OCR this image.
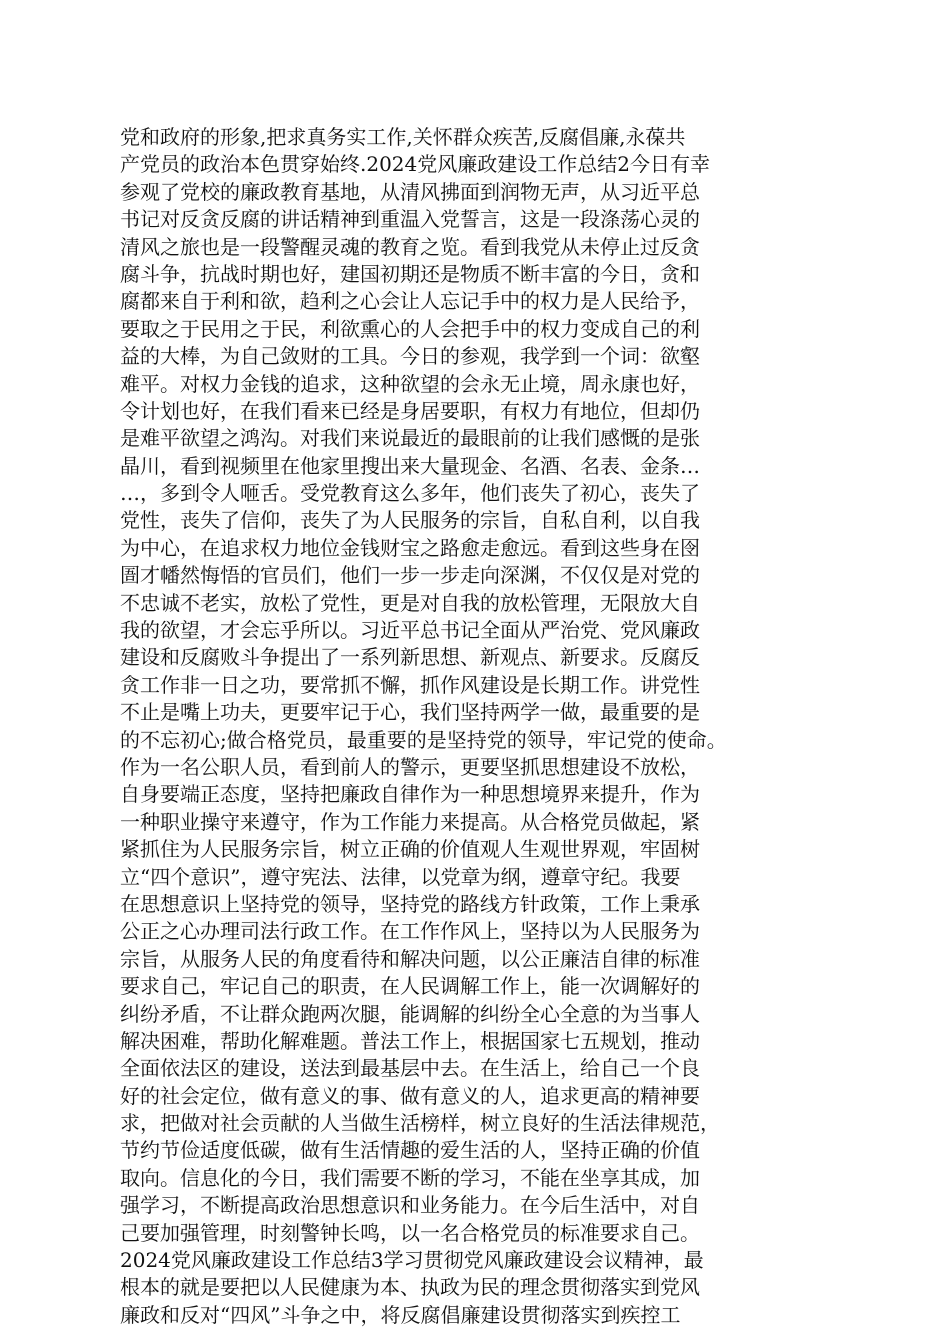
党和政府的形象,把求真务实工作,关怀群众疾苦,反腐倡廉,永葆共
产党员的政治本色贯穿始终.2024党风廉政建设工作总结2今日有幸
参观了党校的廉政教育基地，从清风拂面到润物无声，从习近平总
书记对反贪反腐的讲话精神到重温入党誓言，这是一段涤荡心灵的
清风之旅也是一段警醒灵魂的教育之览。看到我党从未停止过反贪
腐斗争，抗战时期也好，建国初期还是物质不断丰富的今日，贪和
腐都来自于利和欲，趋利之心会让人忘记手中的权力是人民给予，
要取之于民用之于民，利欲熏心的人会把手中的权力变成自己的利
益的大棒，为自己敛财的工具。今日的参观，我学到一个词：欲壑
难平。对权力金钱的追求，这种欲望的会永无止境，周永康也好，
令计划也好，在我们看来已经是身居要职，有权力有地位，但却仍
是难平欲望之鸿沟。对我们来说最近的最眼前的让我们感慨的是张
晶川，看到视频里在他家里搜出来大量现金、名酒、名表、金条…
…，多到令人咂舌。受党教育这么多年，他们丧失了初心，丧失了
党性，丧失了信仰，丧失了为人民服务的宗旨，自私自利，以自我
为中心，在追求权力地位金钱财宝之路愈走愈远。看到这些身在囹
圄才幡然悔悟的官员们，他们一步一步走向深渊，不仅仅是对党的
不忠诚不老实，放松了党性，更是对自我的放松管理，无限放大自
我的欲望，才会忘乎所以。习近平总书记全面从严治党、党风廉政
建设和反腐败斗争提出了一系列新思想、新观点、新要求。反腐反
贪工作非一日之功，要常抓不懈，抓作风建设是长期工作。讲党性
不止是嘴上功夫，更要牢记于心，我们坚持两学一做，最重要的是
的不忘初心;做合格党员，最重要的是坚持党的领导，牢记党的使命。
作为一名公职人员，看到前人的警示，更要坚抓思想建设不放松，
自身要端正态度，坚持把廉政自律作为一种思想境界来提升，作为
一种职业操守来遵守，作为工作能力来提高。从合格党员做起，紧
紧抓住为人民服务宗旨，树立正确的价值观人生观世界观，牢固树
立“四个意识”，遵守宪法、法律，以党章为纲，遵章守纪。我要
在思想意识上坚持党的领导，坚持党的路线方针政策，工作上秉承
公正之心办理司法行政工作。在工作作风上，坚持以为人民服务为
宗旨，从服务人民的角度看待和解决问题，以公正廉洁自律的标准
要求自己，牢记自己的职责，在人民调解工作上，能一次调解好的
纠纷矛盾，不让群众跑两次腿，能调解的纠纷全心全意的为当事人
解决困难，帮助化解难题。普法工作上，根据国家七五规划，推动
全面依法区的建设，送法到最基层中去。在生活上，给自己一个良
好的社会定位，做有意义的事、做有意义的人，追求更高的精神要
求，把做对社会贡献的人当做生活榜样，树立良好的生活法律规范，
节约节俭适度低碳，做有生活情趣的爱生活的人，坚持正确的价值
取向。信息化的今日，我们需要不断的学习，不能在坐享其成，加
强学习，不断提高政治思想意识和业务能力。在今后生活中，对自
己要加强管理，时刻警钟长鸣，以一名合格党员的标准要求自己。
2024党风廉政建设工作总结3学习贯彻党风廉政建设会议精神，最
根本的就是要把以人民健康为本、执政为民的理念贯彻落实到党风
廉政和反对“四风”斗争之中，将反腐倡廉建设贯彻落实到疾控工
